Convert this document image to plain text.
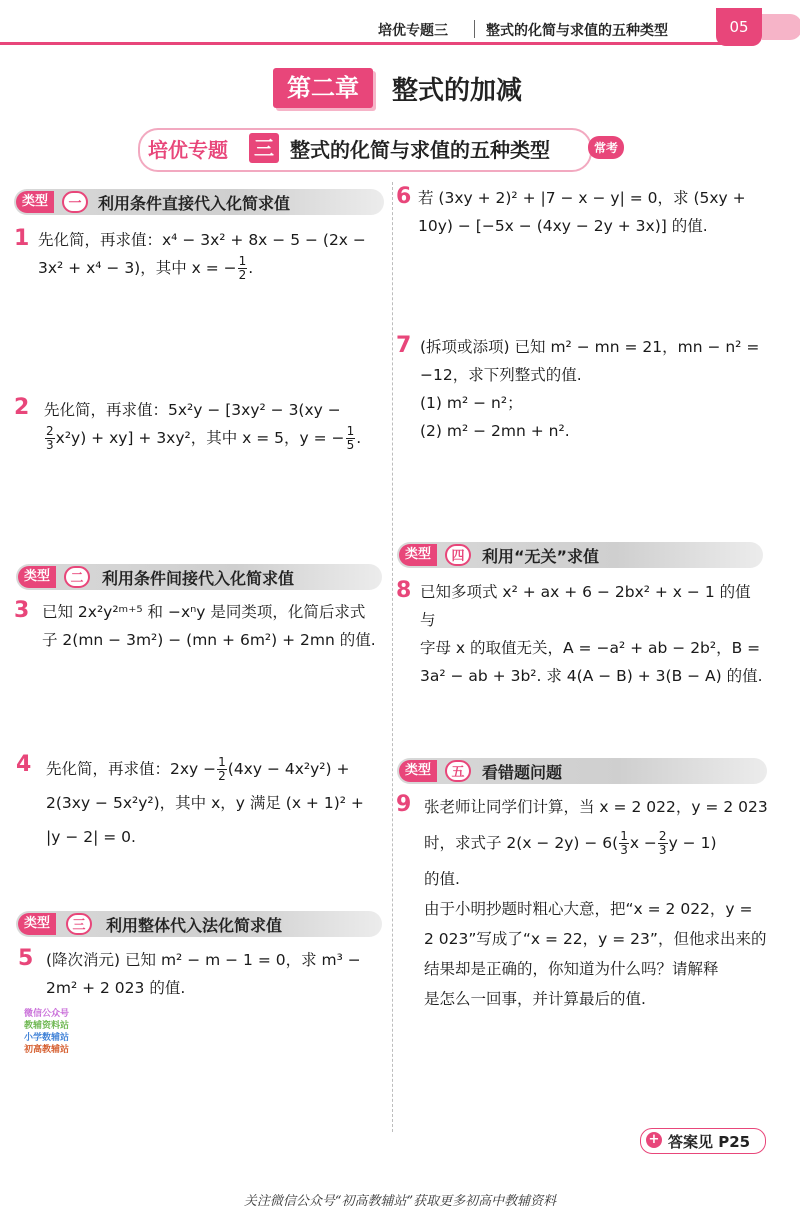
培优专题三	整式的化简与求值的五种类型	05
第二章	整式的加减
培优专题 三 整式的化简与求值的五种类型	常考
类型	一	利用条件直接代入化简求值
1 先化简，再求值：x⁴ − 3x² + 8x − 5 − (2x −
3x² + x⁴ − 3)，其中 x = − $\frac{1}{2}$ .
2 先化简，再求值：5x²y − [3xy² − 3(xy −
$\frac{2}{3} x^2y) + xy] + 3xy^2$，其中 x = 5，y = − $\frac{1}{5}$ .
类型	二	利用条件间接代入化简求值
3 已知 2x²y²ᵐ⁺⁵ 和 −xⁿy 是同类项，化简后求式
子 2(mn − 3m²) − (mn + 6m²) + 2mn 的值.
4 先化简，再求值：$2xy - \frac{1}{2} (4xy - 4x^2y^2)$ +
2(3xy − 5x²y²)，其中 x，y 满足 (x + 1)² +
|y − 2| = 0.
类型	三	利用整体代入法化简求值
5 (降次消元) 已知 m² − m − 1 = 0，求 m³ −
2m² + 2 023 的值.
微信公众号
教辅资料站
小学数辅站
初高教辅站
6 若 (3xy + 2)² + |7 − x − y| = 0，求 (5xy +
10y) − [−5x − (4xy − 2y + 3x)] 的值.
7 (拆项或添项) 已知 m² − mn = 21，mn − n² =
−12，求下列整式的值.
(1) m² − n²；
(2) m² − 2mn + n².
类型	四	利用“无关”求值
8 已知多项式 x² + ax + 6 − 2bx² + x − 1 的值与
字母 x 的取值无关，A = −a² + ab − 2b²，B =
3a² − ab + 3b². 求 4(A − B) + 3(B − A) 的值.
类型	五	看错题问题
9 张老师让同学们计算，当 x = 2 022，y = 2 023
时，求式子 $2(x - 2y) - 6( \frac{1}{3}$ $x - \frac{2}{3}$ y − 1)
的值.
由于小明抄题时粗心大意，把“x = 2 022，y =
2 023”写成了“x = 22，y = 23”，但他求出来的
结果却是正确的，你知道为什么吗？请解释
是怎么一回事，并计算最后的值.
+ 答案见 P25
关注微信公众号“初高教辅站”获取更多初高中教辅资料
